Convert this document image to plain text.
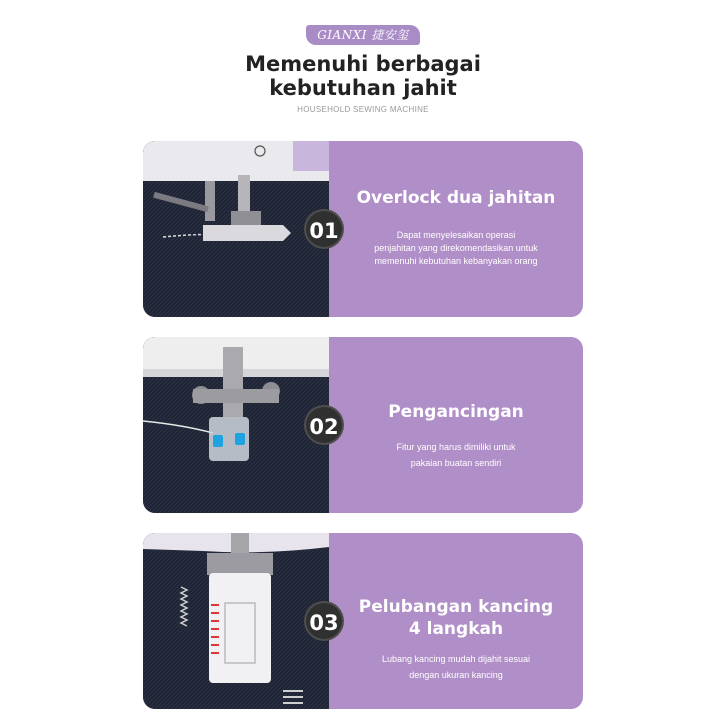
GIANXI 捷安玺
Memenuhi berbagai
kebutuhan jahit
HOUSEHOLD SEWING MACHINE
01
Overlock dua jahitan
Dapat menyelesaikan operasi
penjahitan yang direkomendasikan untuk
memenuhi kebutuhan kebanyakan orang
02
Pengancingan
Fitur yang harus dimiliki untuk
pakaian buatan sendiri
03
Pelubangan kancing
4 langkah
Lubang kancing mudah dijahit sesuai
dengan ukuran kancing
